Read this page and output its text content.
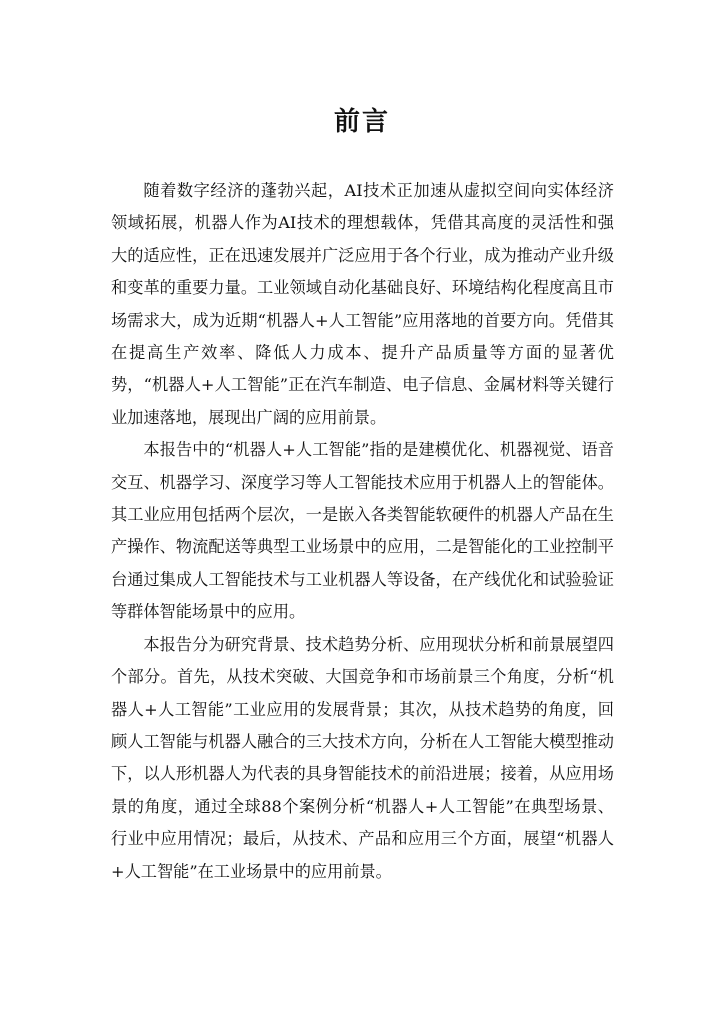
前言

随着数字经济的蓬勃兴起，AI技术正加速从虚拟空间向实体经济领域拓展，机器人作为AI技术的理想载体，凭借其高度的灵活性和强大的适应性，正在迅速发展并广泛应用于各个行业，成为推动产业升级和变革的重要力量。工业领域自动化基础良好、环境结构化程度高且市场需求大，成为近期“机器人+人工智能”应用落地的首要方向。凭借其在提高生产效率、降低人力成本、提升产品质量等方面的显著优势，“机器人+人工智能”正在汽车制造、电子信息、金属材料等关键行业加速落地，展现出广阔的应用前景。

本报告中的“机器人+人工智能”指的是建模优化、机器视觉、语音交互、机器学习、深度学习等人工智能技术应用于机器人上的智能体。其工业应用包括两个层次，一是嵌入各类智能软硬件的机器人产品在生产操作、物流配送等典型工业场景中的应用，二是智能化的工业控制平台通过集成人工智能技术与工业机器人等设备，在产线优化和试验验证等群体智能场景中的应用。

本报告分为研究背景、技术趋势分析、应用现状分析和前景展望四个部分。首先，从技术突破、大国竞争和市场前景三个角度，分析“机器人+人工智能”工业应用的发展背景；其次，从技术趋势的角度，回顾人工智能与机器人融合的三大技术方向，分析在人工智能大模型推动下，以人形机器人为代表的具身智能技术的前沿进展；接着，从应用场景的角度，通过全球88个案例分析“机器人+人工智能”在典型场景、行业中应用情况；最后，从技术、产品和应用三个方面，展望“机器人+人工智能”在工业场景中的应用前景。
